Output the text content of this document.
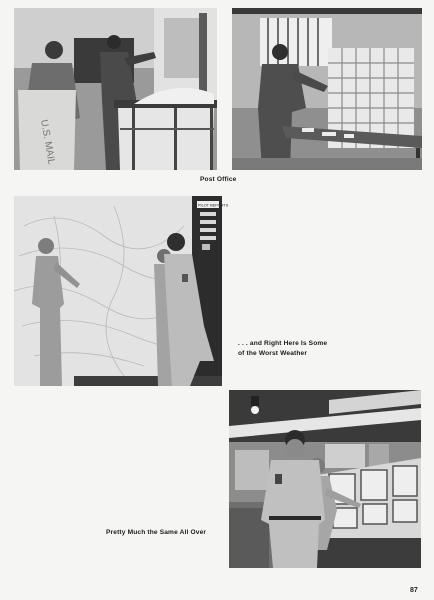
U.S. MAIL
Post Office
PILOT REPORTS
. . . and Right Here Is Some
of the Worst Weather
Pretty Much the Same All Over
87
